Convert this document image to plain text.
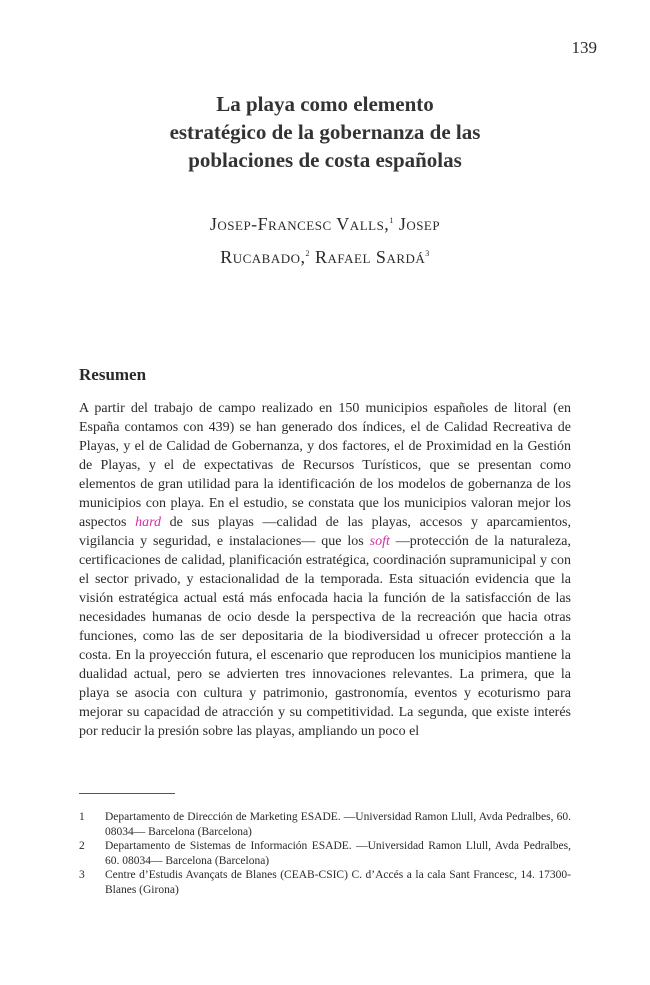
139
La playa como elemento
estratégico de la gobernanza de las
poblaciones de costa españolas
Josep-Francesc Valls,$^1$ Josep
Rucabado,$^2$ Rafael Sardá$^3$
Resumen
A partir del trabajo de campo realizado en 150 municipios españoles de litoral (en España contamos con 439) se han generado dos índices, el de Calidad Recreativa de Playas, y el de Calidad de Gobernanza, y dos factores, el de Proximidad en la Gestión de Playas, y el de expectativas de Recursos Turísticos, que se presentan como elementos de gran utilidad para la identificación de los modelos de gobernanza de los municipios con playa. En el estudio, se constata que los municipios valoran mejor los aspectos hard de sus playas —calidad de las playas, accesos y aparcamientos, vigilancia y seguridad, e instalaciones— que los soft —protección de la naturaleza, certificaciones de calidad, planificación estratégica, coordinación supramunicipal y con el sector privado, y estacionalidad de la temporada. Esta situación evidencia que la visión estratégica actual está más enfocada hacia la función de la satisfacción de las necesidades humanas de ocio desde la perspectiva de la recreación que hacia otras funciones, como las de ser depositaria de la biodiversidad u ofrecer protección a la costa. En la proyección futura, el escenario que reproducen los municipios mantiene la dualidad actual, pero se advierten tres innovaciones relevantes. La primera, que la playa se asocia con cultura y patrimonio, gastronomía, eventos y ecoturismo para mejorar su capacidad de atracción y su competitividad. La segunda, que existe interés por reducir la presión sobre las playas, ampliando un poco el
1	Departamento de Dirección de Marketing ESADE. —Universidad Ramon Llull, Avda Pedralbes, 60. 08034— Barcelona (Barcelona)
2	Departamento de Sistemas de Información ESADE. —Universidad Ramon Llull, Avda Pedralbes, 60. 08034— Barcelona (Barcelona)
3	Centre d’Estudis Avançats de Blanes (CEAB-CSIC) C. d’Accés a la cala Sant Francesc, 14. 17300-Blanes (Girona)
